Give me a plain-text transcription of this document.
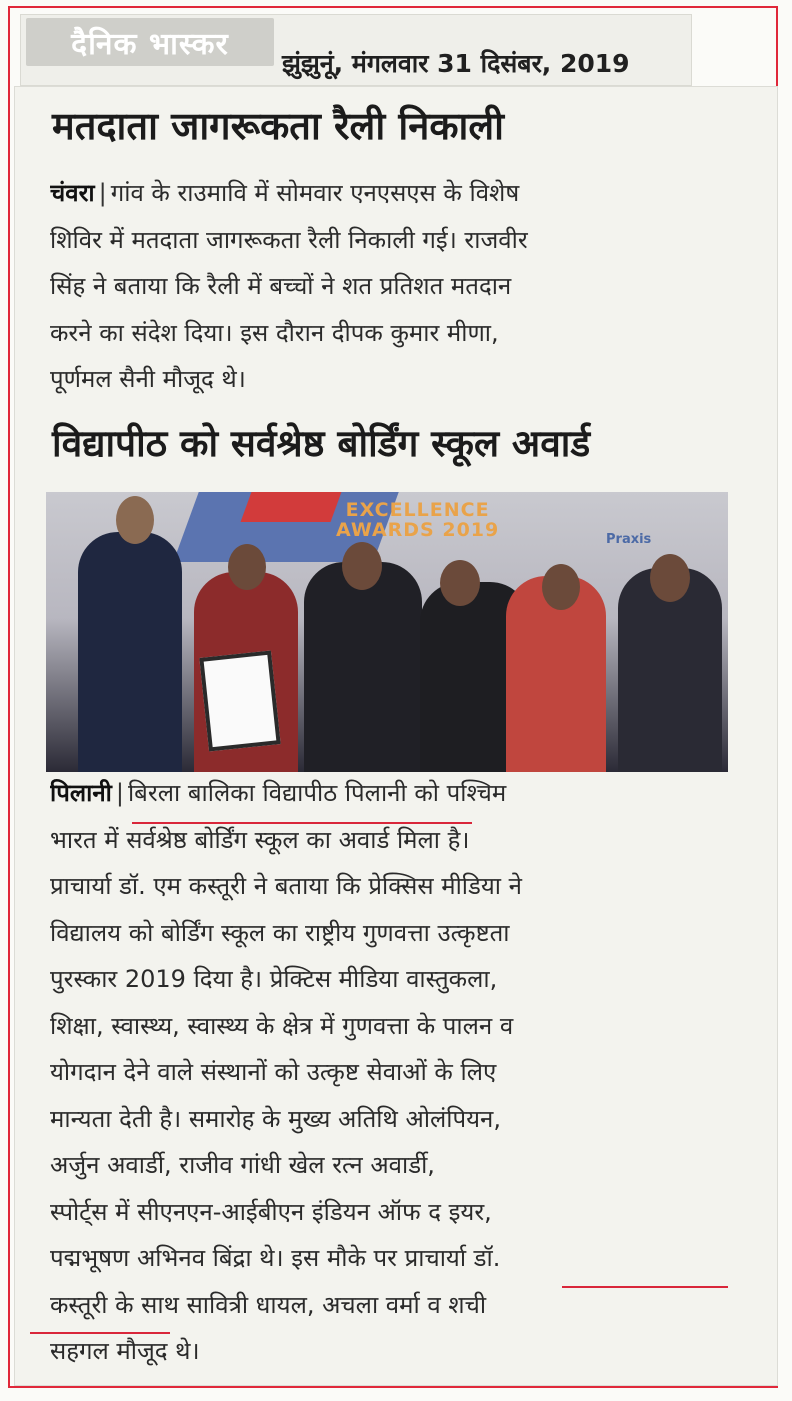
दैनिक भास्कर
झुंझुनूं, मंगलवार 31 दिसंबर, 2019
मतदाता जागरूकता रैली निकाली
चंवरा | गांव के राउमावि में सोमवार एनएसएस के विशेष
शिविर में मतदाता जागरूकता रैली निकाली गई। राजवीर
सिंह ने बताया कि रैली में बच्चों ने शत प्रतिशत मतदान
करने का संदेश दिया। इस दौरान दीपक कुमार मीणा,
पूर्णमल सैनी मौजूद थे।
विद्यापीठ को सर्वश्रेष्ठ बोर्डिंग स्कूल अवार्ड
EXCELLENCE
AWARDS 2019	Praxis
पिलानी | बिरला बालिका विद्यापीठ पिलानी को पश्चिम
भारत में सर्वश्रेष्ठ बोर्डिंग स्कूल का अवार्ड मिला है।
प्राचार्या डॉ. एम कस्तूरी ने बताया कि प्रेक्सिस मीडिया ने
विद्यालय को बोर्डिंग स्कूल का राष्ट्रीय गुणवत्ता उत्कृष्टता
पुरस्कार 2019 दिया है। प्रेक्टिस मीडिया वास्तुकला,
शिक्षा, स्वास्थ्य, स्वास्थ्य के क्षेत्र में गुणवत्ता के पालन व
योगदान देने वाले संस्थानों को उत्कृष्ट सेवाओं के लिए
मान्यता देती है। समारोह के मुख्य अतिथि ओलंपियन,
अर्जुन अवार्डी, राजीव गांधी खेल रत्न अवार्डी,
स्पोर्ट्स में सीएनएन-आईबीएन इंडियन ऑफ द इयर,
पद्मभूषण अभिनव बिंद्रा थे। इस मौके पर प्राचार्या डॉ.
कस्तूरी के साथ सावित्री धायल, अचला वर्मा व शची
सहगल मौजूद थे।
